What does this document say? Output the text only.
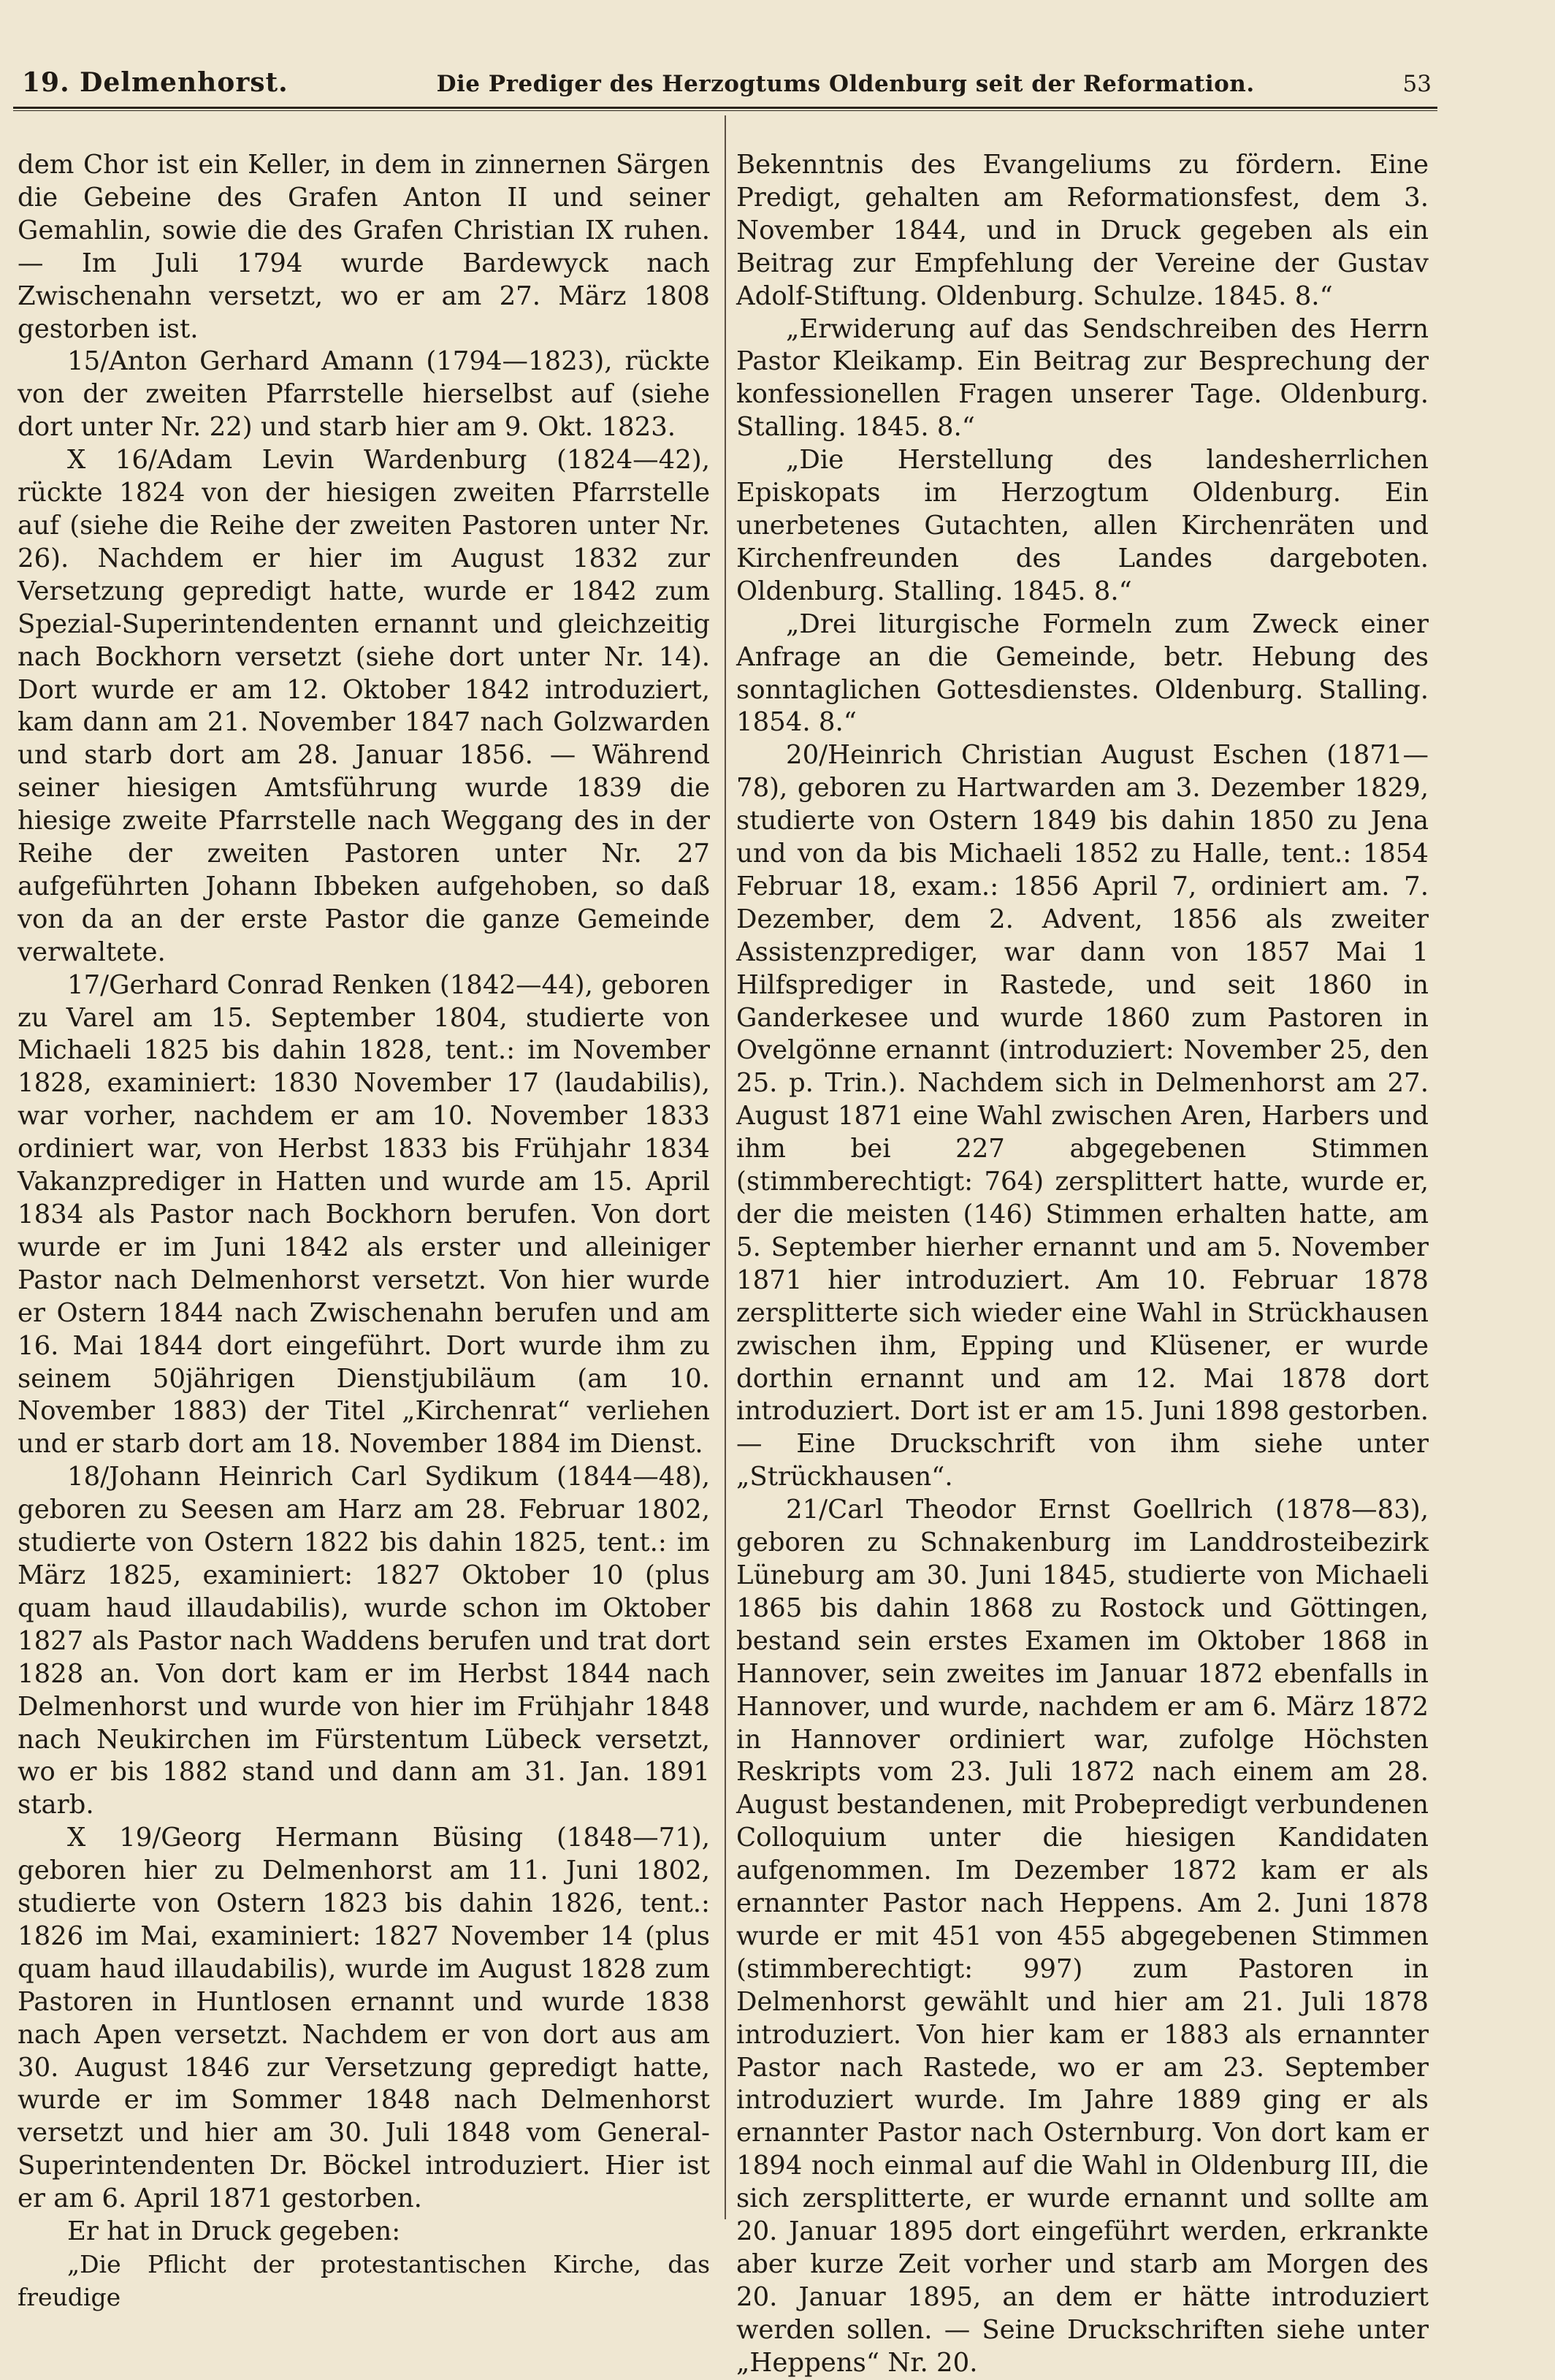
19. Delmenhorst.	Die Prediger des Herzogtums Oldenburg seit der Reformation.	53

dem Chor ist ein Keller, in dem in zinnernen Särgen die Gebeine des Grafen Anton II und seiner Gemahlin, sowie die des Grafen Christian IX ruhen. — Im Juli 1794 wurde Bardewyck nach Zwischenahn versetzt, wo er am 27. März 1808 gestorben ist.

15/Anton Gerhard Amann (1794—1823), rückte von der zweiten Pfarrstelle hierselbst auf (siehe dort unter Nr. 22) und starb hier am 9. Okt. 1823.

X 16/Adam Levin Wardenburg (1824—42), rückte 1824 von der hiesigen zweiten Pfarrstelle auf (siehe die Reihe der zweiten Pastoren unter Nr. 26). Nachdem er hier im August 1832 zur Versetzung gepredigt hatte, wurde er 1842 zum Spezial-Superintendenten ernannt und gleichzeitig nach Bockhorn versetzt (siehe dort unter Nr. 14). Dort wurde er am 12. Oktober 1842 introduziert, kam dann am 21. November 1847 nach Golzwarden und starb dort am 28. Januar 1856. — Während seiner hiesigen Amtsführung wurde 1839 die hiesige zweite Pfarrstelle nach Weggang des in der Reihe der zweiten Pastoren unter Nr. 27 aufgeführten Johann Ibbeken aufgehoben, so daß von da an der erste Pastor die ganze Gemeinde verwaltete.

17/Gerhard Conrad Renken (1842—44), geboren zu Varel am 15. September 1804, studierte von Michaeli 1825 bis dahin 1828, tent.: im November 1828, examiniert: 1830 November 17 (laudabilis), war vorher, nachdem er am 10. November 1833 ordiniert war, von Herbst 1833 bis Frühjahr 1834 Vakanzprediger in Hatten und wurde am 15. April 1834 als Pastor nach Bockhorn berufen. Von dort wurde er im Juni 1842 als erster und alleiniger Pastor nach Delmenhorst versetzt. Von hier wurde er Ostern 1844 nach Zwischenahn berufen und am 16. Mai 1844 dort eingeführt. Dort wurde ihm zu seinem 50jährigen Dienstjubiläum (am 10. November 1883) der Titel „Kirchenrat“ verliehen und er starb dort am 18. November 1884 im Dienst.

18/Johann Heinrich Carl Sydikum (1844—48), geboren zu Seesen am Harz am 28. Februar 1802, studierte von Ostern 1822 bis dahin 1825, tent.: im März 1825, examiniert: 1827 Oktober 10 (plus quam haud illaudabilis), wurde schon im Oktober 1827 als Pastor nach Waddens berufen und trat dort 1828 an. Von dort kam er im Herbst 1844 nach Delmenhorst und wurde von hier im Frühjahr 1848 nach Neukirchen im Fürstentum Lübeck versetzt, wo er bis 1882 stand und dann am 31. Jan. 1891 starb.

X 19/Georg Hermann Büsing (1848—71), geboren hier zu Delmenhorst am 11. Juni 1802, studierte von Ostern 1823 bis dahin 1826, tent.: 1826 im Mai, examiniert: 1827 November 14 (plus quam haud illaudabilis), wurde im August 1828 zum Pastoren in Huntlosen ernannt und wurde 1838 nach Apen versetzt. Nachdem er von dort aus am 30. August 1846 zur Versetzung gepredigt hatte, wurde er im Sommer 1848 nach Delmenhorst versetzt und hier am 30. Juli 1848 vom General-Superintendenten Dr. Böckel introduziert. Hier ist er am 6. April 1871 gestorben.

Er hat in Druck gegeben:

„Die Pflicht der protestantischen Kirche, das freudige

Bekenntnis des Evangeliums zu fördern. Eine Predigt, gehalten am Reformationsfest, dem 3. November 1844, und in Druck gegeben als ein Beitrag zur Empfehlung der Vereine der Gustav Adolf-Stiftung. Oldenburg. Schulze. 1845. 8.“

„Erwiderung auf das Sendschreiben des Herrn Pastor Kleikamp. Ein Beitrag zur Besprechung der konfessionellen Fragen unserer Tage. Oldenburg. Stalling. 1845. 8.“

„Die Herstellung des landesherrlichen Episkopats im Herzogtum Oldenburg. Ein unerbetenes Gutachten, allen Kirchenräten und Kirchenfreunden des Landes dargeboten. Oldenburg. Stalling. 1845. 8.“

„Drei liturgische Formeln zum Zweck einer Anfrage an die Gemeinde, betr. Hebung des sonntaglichen Gottesdienstes. Oldenburg. Stalling. 1854. 8.“

20/Heinrich Christian August Eschen (1871—78), geboren zu Hartwarden am 3. Dezember 1829, studierte von Ostern 1849 bis dahin 1850 zu Jena und von da bis Michaeli 1852 zu Halle, tent.: 1854 Februar 18, exam.: 1856 April 7, ordiniert am. 7. Dezember, dem 2. Advent, 1856 als zweiter Assistenzprediger, war dann von 1857 Mai 1 Hilfsprediger in Rastede, und seit 1860 in Ganderkesee und wurde 1860 zum Pastoren in Ovelgönne ernannt (introduziert: November 25, den 25. p. Trin.). Nachdem sich in Delmenhorst am 27. August 1871 eine Wahl zwischen Aren, Harbers und ihm bei 227 abgegebenen Stimmen (stimmberechtigt: 764) zersplittert hatte, wurde er, der die meisten (146) Stimmen erhalten hatte, am 5. September hierher ernannt und am 5. November 1871 hier introduziert. Am 10. Februar 1878 zersplitterte sich wieder eine Wahl in Strückhausen zwischen ihm, Epping und Klüsener, er wurde dorthin ernannt und am 12. Mai 1878 dort introduziert. Dort ist er am 15. Juni 1898 gestorben. — Eine Druckschrift von ihm siehe unter „Strückhausen“.

21/Carl Theodor Ernst Goellrich (1878—83), geboren zu Schnakenburg im Landdrosteibezirk Lüneburg am 30. Juni 1845, studierte von Michaeli 1865 bis dahin 1868 zu Rostock und Göttingen, bestand sein erstes Examen im Oktober 1868 in Hannover, sein zweites im Januar 1872 ebenfalls in Hannover, und wurde, nachdem er am 6. März 1872 in Hannover ordiniert war, zufolge Höchsten Reskripts vom 23. Juli 1872 nach einem am 28. August bestandenen, mit Probepredigt verbundenen Colloquium unter die hiesigen Kandidaten aufgenommen. Im Dezember 1872 kam er als ernannter Pastor nach Heppens. Am 2. Juni 1878 wurde er mit 451 von 455 abgegebenen Stimmen (stimmberechtigt: 997) zum Pastoren in Delmenhorst gewählt und hier am 21. Juli 1878 introduziert. Von hier kam er 1883 als ernannter Pastor nach Rastede, wo er am 23. September introduziert wurde. Im Jahre 1889 ging er als ernannter Pastor nach Osternburg. Von dort kam er 1894 noch einmal auf die Wahl in Oldenburg III, die sich zersplitterte, er wurde ernannt und sollte am 20. Januar 1895 dort eingeführt werden, erkrankte aber kurze Zeit vorher und starb am Morgen des 20. Januar 1895, an dem er hätte introduziert werden sollen. — Seine Druckschriften siehe unter „Heppens“ Nr. 20.
